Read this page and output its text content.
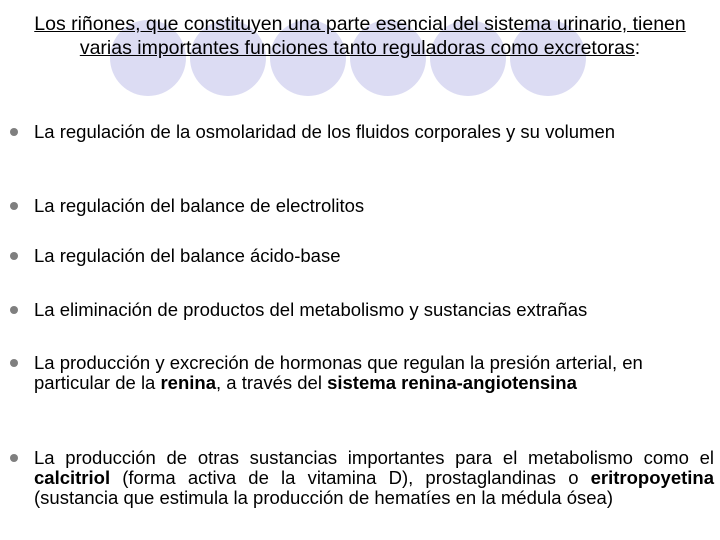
Los riñones, que constituyen una parte esencial del sistema urinario, tienen varias importantes funciones tanto reguladoras como excretoras:
La regulación de la osmolaridad de los fluidos corporales y su volumen
La regulación del balance de electrolitos
La regulación del balance ácido-base
La eliminación de productos del metabolismo y sustancias extrañas
La producción y excreción de hormonas que regulan la presión arterial, en particular de la renina, a través del sistema renina-angiotensina
La producción de otras sustancias importantes para el metabolismo como el calcitriol (forma activa de la vitamina D), prostaglandinas o eritropoyetina (sustancia que estimula la producción de hematíes en la médula ósea)
